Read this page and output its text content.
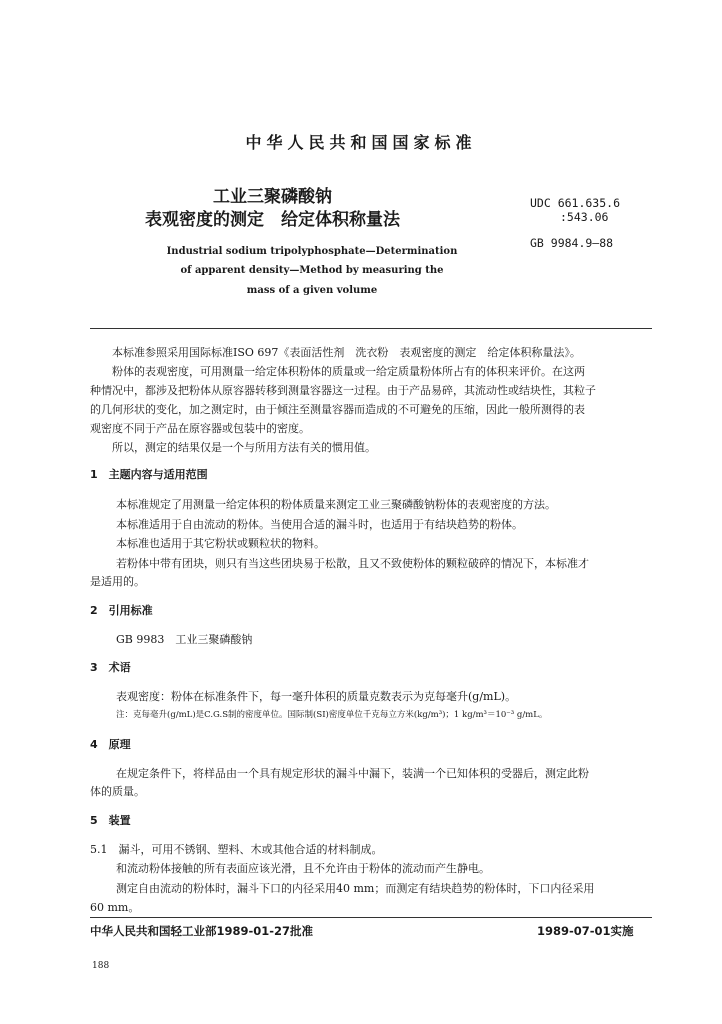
中华人民共和国国家标准
工业三聚磷酸钠
表观密度的测定　给定体积称量法
UDC 661.635.6
:543.06
GB 9984.9—88
Industrial sodium tripolyphosphate—Determination
of apparent density—Method by measuring the
mass of a given volume
本标准参照采用国际标准ISO 697《表面活性剂　洗衣粉　表观密度的测定　给定体积称量法》。
粉体的表观密度，可用测量一给定体积粉体的质量或一给定质量粉体所占有的体积来评价。在这两
种情况中，都涉及把粉体从原容器转移到测量容器这一过程。由于产品易碎，其流动性或结块性，其粒子
的几何形状的变化，加之测定时，由于倾注至测量容器而造成的不可避免的压缩，因此一般所测得的表
观密度不同于产品在原容器或包装中的密度。
所以，测定的结果仅是一个与所用方法有关的惯用值。
1　主题内容与适用范围
本标准规定了用测量一给定体积的粉体质量来测定工业三聚磷酸钠粉体的表观密度的方法。
本标准适用于自由流动的粉体。当使用合适的漏斗时，也适用于有结块趋势的粉体。
本标准也适用于其它粉状或颗粒状的物料。
若粉体中带有团块，则只有当这些团块易于松散，且又不致使粉体的颗粒破碎的情况下，本标准才
是适用的。
2　引用标准
GB 9983　工业三聚磷酸钠
3　术语
表观密度：粉体在标准条件下，每一毫升体积的质量克数表示为克每毫升(g/mL)。
注：克每毫升(g/mL)是C.G.S制的密度单位。国际制(SI)密度单位千克每立方米(kg/m³)；1 kg/m³＝10⁻³ g/mL。
4　原理
在规定条件下，将样品由一个具有规定形状的漏斗中漏下，装满一个已知体积的受器后，测定此粉
体的质量。
5　装置
5.1　漏斗，可用不锈钢、塑料、木或其他合适的材料制成。
和流动粉体接触的所有表面应该光滑，且不允许由于粉体的流动而产生静电。
测定自由流动的粉体时，漏斗下口的内径采用40 mm；而测定有结块趋势的粉体时，下口内径采用
60 mm。
中华人民共和国轻工业部1989-01-27批准	1989-07-01实施
188
